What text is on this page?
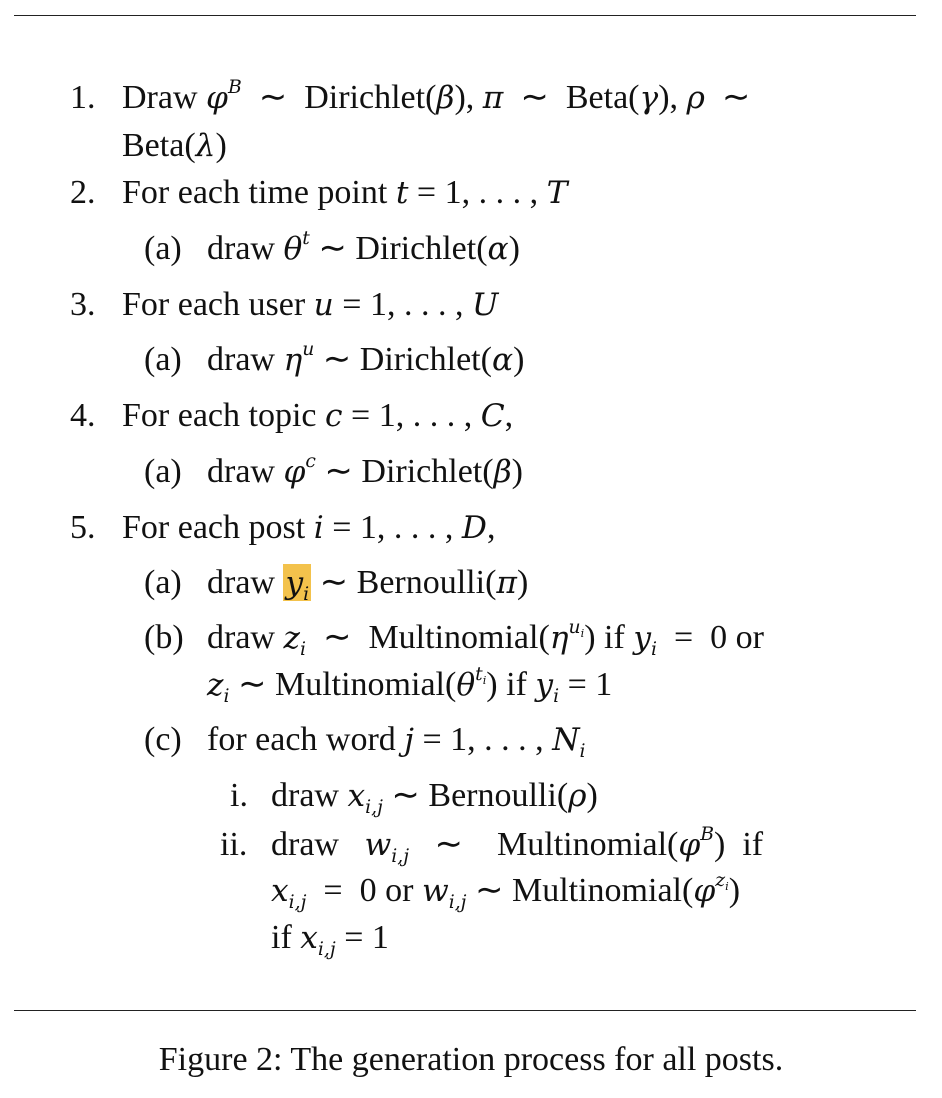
1. Draw $\varphi^B$  ∼  Dirichlet(β), π  ∼  Beta(γ), ρ  ∼
Beta(λ)
2. For each time point t = 1, . . . , T
(a) draw $\theta^t$ ∼ Dirichlet(α)
3. For each user u = 1, . . . , U
(a) draw $\eta^u$ ∼ Dirichlet(α)
4. For each topic c = 1, . . . , C,
(a) draw $\varphi^c$ ∼ Dirichlet(β)
5. For each post i = 1, . . . , D,
(a) draw $y_i$ ∼ Bernoulli(π)
(b) draw $z_i$  ∼  $Multinomial(\eta^{u_i})$ if $y_i = 0$ or
$z_i$ ∼ $Multinomial(\theta^{t_i})$ if $y_i = 1$
(c) for each word j = 1, . . . , $N_i$
i. draw $x_{i,j}$ ∼ Bernoulli(ρ)
ii. draw $w_{i,j}$   ∼    $Multinomial(\varphi^B)$  if
$x_{i,j} = 0$ or $w_{i,j}$ ∼ $Multinomial(\varphi^{z_i})$
if $x_{i,j} = 1$
Figure 2: The generation process for all posts.
